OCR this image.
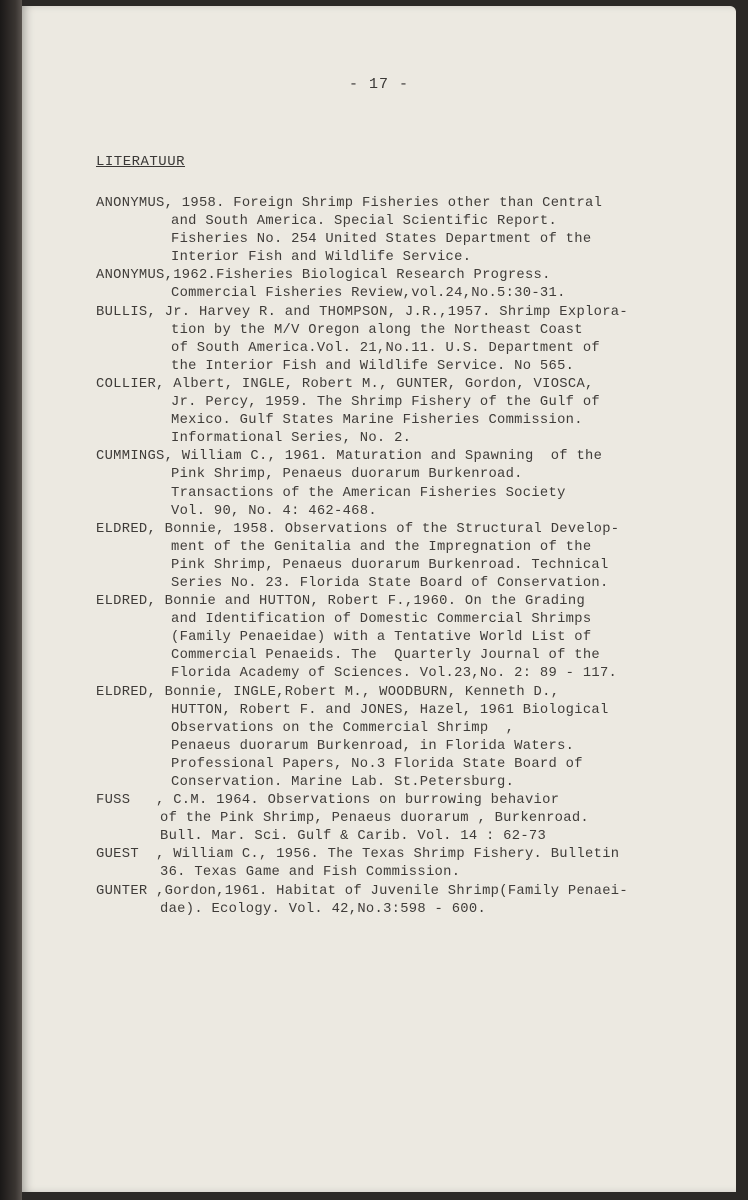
- 17 -
LITERATUUR
ANONYMUS, 1958. Foreign Shrimp Fisheries other than Central
and South America. Special Scientific Report.
Fisheries No. 254 United States Department of the
Interior Fish and Wildlife Service.
ANONYMUS,1962.Fisheries Biological Research Progress.
Commercial Fisheries Review,vol.24,No.5:30-31.
BULLIS, Jr. Harvey R. and THOMPSON, J.R.,1957. Shrimp Explora-
tion by the M/V Oregon along the Northeast Coast
of South America.Vol. 21,No.11. U.S. Department of
the Interior Fish and Wildlife Service. No 565.
COLLIER, Albert, INGLE, Robert M., GUNTER, Gordon, VIOSCA,
Jr. Percy, 1959. The Shrimp Fishery of the Gulf of
Mexico. Gulf States Marine Fisheries Commission.
Informational Series, No. 2.
CUMMINGS, William C., 1961. Maturation and Spawning  of the
Pink Shrimp, Penaeus duorarum Burkenroad.
Transactions of the American Fisheries Society
Vol. 90, No. 4: 462-468.
ELDRED, Bonnie, 1958. Observations of the Structural Develop-
ment of the Genitalia and the Impregnation of the
Pink Shrimp, Penaeus duorarum Burkenroad. Technical
Series No. 23. Florida State Board of Conservation.
ELDRED, Bonnie and HUTTON, Robert F.,1960. On the Grading
and Identification of Domestic Commercial Shrimps
(Family Penaeidae) with a Tentative World List of
Commercial Penaeids. The  Quarterly Journal of the
Florida Academy of Sciences. Vol.23,No. 2: 89 - 117.
ELDRED, Bonnie, INGLE,Robert M., WOODBURN, Kenneth D.,
HUTTON, Robert F. and JONES, Hazel, 1961 Biological
Observations on the Commercial Shrimp  ,
Penaeus duorarum Burkenroad, in Florida Waters.
Professional Papers, No.3 Florida State Board of
Conservation. Marine Lab. St.Petersburg.
FUSS   , C.M. 1964. Observations on burrowing behavior
of the Pink Shrimp, Penaeus duorarum , Burkenroad.
Bull. Mar. Sci. Gulf & Carib. Vol. 14 : 62-73
GUEST  , William C., 1956. The Texas Shrimp Fishery. Bulletin
36. Texas Game and Fish Commission.
GUNTER ,Gordon,1961. Habitat of Juvenile Shrimp(Family Penaei-
dae). Ecology. Vol. 42,No.3:598 - 600.
